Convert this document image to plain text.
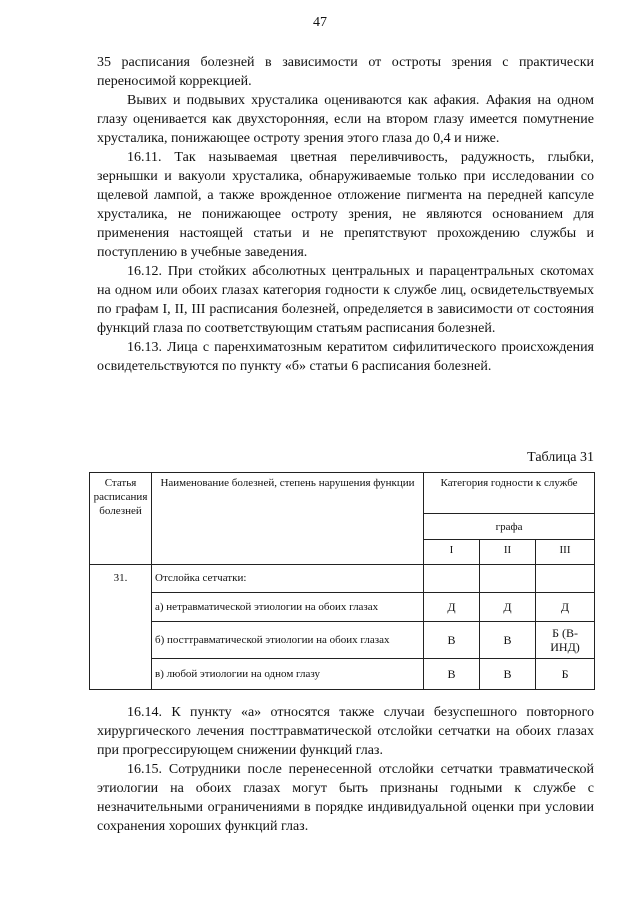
47

35 расписания болезней в зависимости от остроты зрения с практически переносимой коррекцией.

Вывих и подвывих хрусталика оцениваются как афакия. Афакия на одном глазу оценивается как двухсторонняя, если на втором глазу имеется помутнение хрусталика, понижающее остроту зрения этого глаза до 0,4 и ниже.

16.11. Так называемая цветная переливчивость, радужность, глыбки, зернышки и вакуоли хрусталика, обнаруживаемые только при исследовании со щелевой лампой, а также врожденное отложение пигмента на передней капсуле хрусталика, не понижающее остроту зрения, не являются основанием для применения настоящей статьи и не препятствуют прохождению службы и поступлению в учебные заведения.

16.12. При стойких абсолютных центральных и парацентральных скотомах на одном или обоих глазах категория годности к службе лиц, освидетельствуемых по графам I, II, III расписания болезней, определяется в зависимости от состояния функций глаза по соответствующим статьям расписания болезней.

16.13. Лица с паренхиматозным кератитом сифилитического происхождения освидетельствуются по пункту «б» статьи 6 расписания болезней.

Таблица 31
Статья расписания болезней	Наименование болезней, степень нарушения функции	Категория годности к службе		
		графа		
		I	II	III
31.	Отслойка сетчатки:			
	а) нетравматической этиологии на обоих глазах	Д	Д	Д
	б) посттравматической этиологии на обоих глазах	В	В	Б (В-ИНД)
	в) любой этиологии на одном глазу	В	В	Б

16.14. К пункту «а» относятся также случаи безуспешного повторного хирургического лечения посттравматической отслойки сетчатки на обоих глазах при прогрессирующем снижении функций глаз.

16.15. Сотрудники после перенесенной отслойки сетчатки травматической этиологии на обоих глазах могут быть признаны годными к службе с незначительными ограничениями в порядке индивидуальной оценки при условии сохранения хороших функций глаз.
